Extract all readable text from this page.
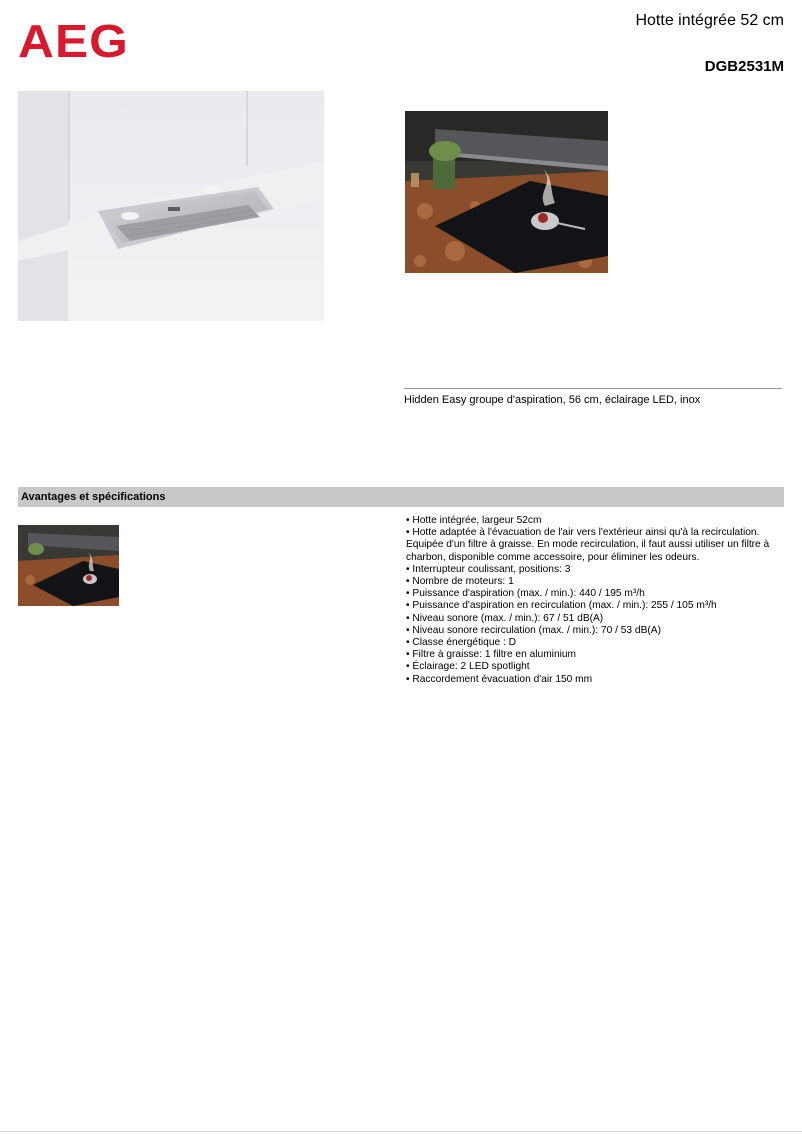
AEG	Hotte intégrée 52 cm
DGB2531M
Hidden Easy groupe d'aspiration, 56 cm, éclairage LED, inox
Avantages et spécifications

• Hotte intégrée, largeur 52cm

• Hotte adaptée à l'évacuation de l'air vers l'extérieur ainsi qu'à la recirculation. Equipée d'un filtre à graisse. En mode recirculation, il faut aussi utiliser un filtre à charbon, disponible comme accessoire, pour éliminer les odeurs.

• Interrupteur coulissant, positions: 3

• Nombre de moteurs: 1

• Puissance d'aspiration (max. / min.): 440 / 195 m³/h

• Puissance d'aspiration en recirculation (max. / min.): 255 / 105 m³/h

• Niveau sonore (max. / min.): 67 / 51 dB(A)

• Niveau sonore recirculation (max. / min.): 70 / 53 dB(A)

• Classe énergétique : D

• Filtre à graisse: 1 filtre en aluminium

• Éclairage: 2 LED spotlight

• Raccordement évacuation d'air 150 mm
